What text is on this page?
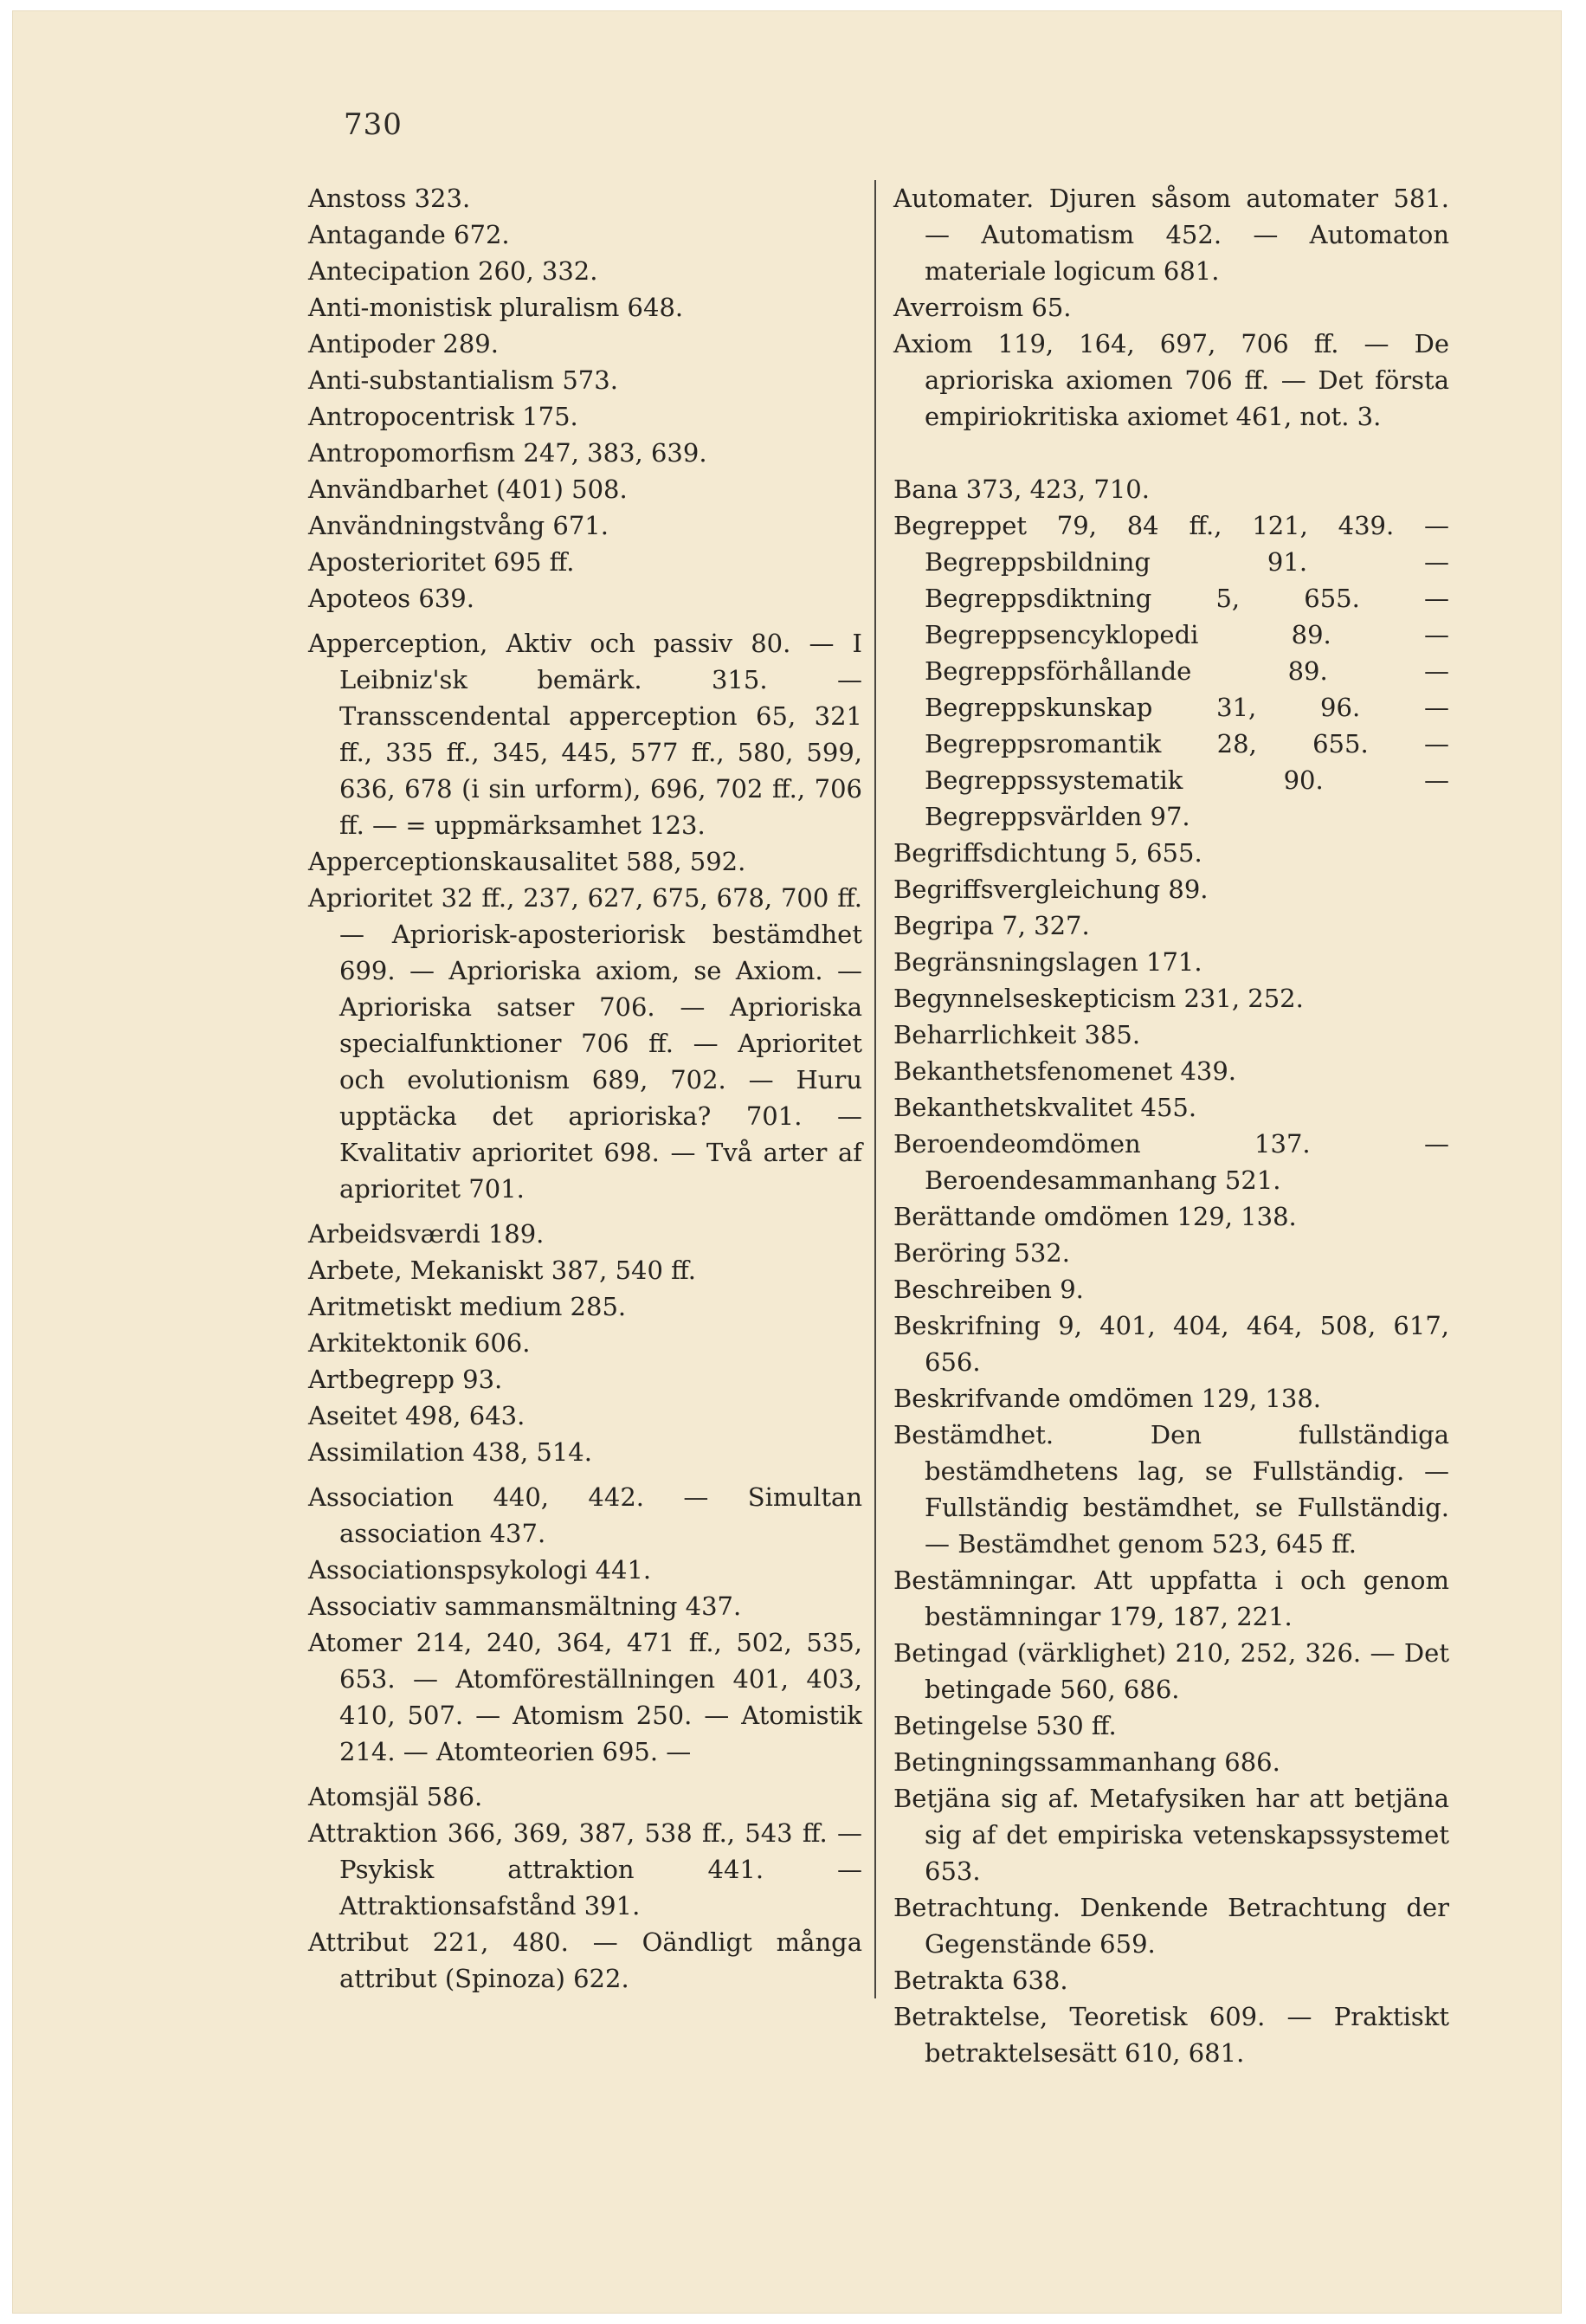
730

Anstoss 323.

Antagande 672.

Antecipation 260, 332.

Anti-monistisk pluralism 648.

Antipoder 289.

Anti-substantialism 573.

Antropocentrisk 175.

Antropomorfism 247, 383, 639.

Användbarhet (401) 508.

Användningstvång 671.

Aposterioritet 695 ff.

Apoteos 639.

Apperception, Aktiv och passiv 80. — I Leibniz'sk bemärk. 315. — Transscendental apperception 65, 321 ff., 335 ff., 345, 445, 577 ff., 580, 599, 636, 678 (i sin urform), 696, 702 ff., 706 ff. — = uppmärksamhet 123.

Apperceptionskausalitet 588, 592.

Aprioritet 32 ff., 237, 627, 675, 678, 700 ff. — Apriorisk-aposteriorisk bestämdhet 699. — Aprioriska axiom, se Axiom. — Aprioriska satser 706. — Aprioriska specialfunktioner 706 ff. — Aprioritet och evolutionism 689, 702. — Huru upptäcka det aprioriska? 701. — Kvalitativ aprioritet 698. — Två arter af aprioritet 701.

Arbeidsværdi 189.

Arbete, Mekaniskt 387, 540 ff.

Aritmetiskt medium 285.

Arkitektonik 606.

Artbegrepp 93.

Aseitet 498, 643.

Assimilation 438, 514.

Association 440, 442. — Simultan association 437.

Associationspsykologi 441.

Associativ sammansmältning 437.

Atomer 214, 240, 364, 471 ff., 502, 535, 653. — Atomföreställningen 401, 403, 410, 507. — Atomism 250. — Atomistik 214. — Atomteorien 695. —

Atomsjäl 586.

Attraktion 366, 369, 387, 538 ff., 543 ff. — Psykisk attraktion 441. — Attraktionsafstånd 391.

Attribut 221, 480. — Oändligt många attribut (Spinoza) 622.

Automater. Djuren såsom automater 581. — Automatism 452. — Automaton materiale logicum 681.

Averroism 65.

Axiom 119, 164, 697, 706 ff. — De aprioriska axiomen 706 ff. — Det första empiriokritiska axiomet 461, not. 3.

Bana 373, 423, 710.

Begreppet 79, 84 ff., 121, 439. — Begreppsbildning 91. — Begreppsdiktning 5, 655. — Begreppsencyklopedi 89. — Begreppsförhållande 89. — Begreppskunskap 31, 96. — Begreppsromantik 28, 655. — Begreppssystematik 90. — Begreppsvärlden 97.

Begriffsdichtung 5, 655.

Begriffsvergleichung 89.

Begripa 7, 327.

Begränsningslagen 171.

Begynnelseskepticism 231, 252.

Beharrlichkeit 385.

Bekanthetsfenomenet 439.

Bekanthetskvalitet 455.

Beroendeomdömen 137. — Beroendesammanhang 521.

Berättande omdömen 129, 138.

Beröring 532.

Beschreiben 9.

Beskrifning 9, 401, 404, 464, 508, 617, 656.

Beskrifvande omdömen 129, 138.

Bestämdhet. Den fullständiga bestämdhetens lag, se Fullständig. — Fullständig bestämdhet, se Fullständig. — Bestämdhet genom 523, 645 ff.

Bestämningar. Att uppfatta i och genom bestämningar 179, 187, 221.

Betingad (värklighet) 210, 252, 326. — Det betingade 560, 686.

Betingelse 530 ff.

Betingningssammanhang 686.

Betjäna sig af. Metafysiken har att betjäna sig af det empiriska vetenskapssystemet 653.

Betrachtung. Denkende Betrachtung der Gegenstände 659.

Betrakta 638.

Betraktelse, Teoretisk 609. — Praktiskt betraktelsesätt 610, 681.
